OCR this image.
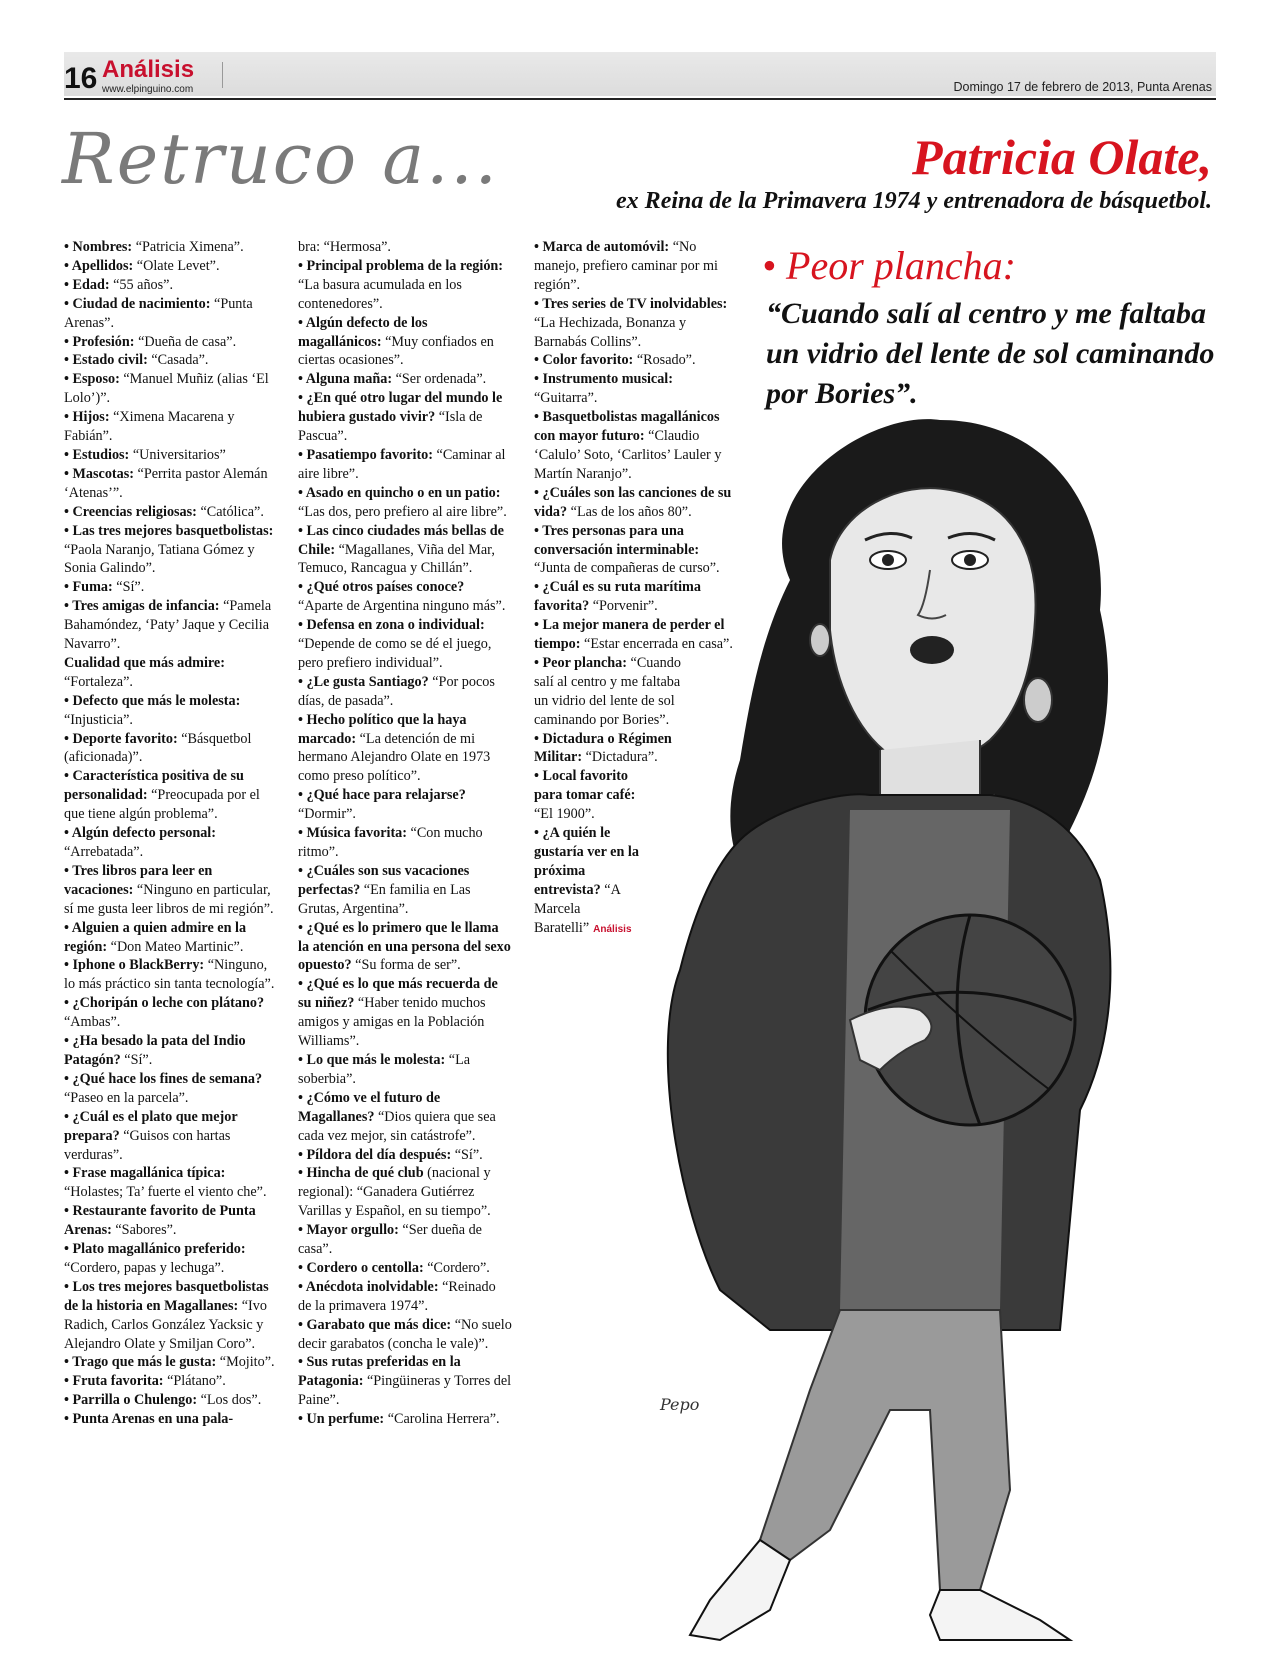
16 Análisis
www.elpinguino.com	Domingo 17 de febrero de 2013, Punta Arenas
Retruco a...	Patricia Olate,
ex Reina de la Primavera 1974 y entrenadora de básquetbol.

• Nombres: “Patricia Ximena”.

• Apellidos: “Olate Levet”.

• Edad: “55 años”.

• Ciudad de nacimiento: “Punta Arenas”.

• Profesión: “Dueña de casa”.

• Estado civil: “Casada”.

• Esposo: “Manuel Muñiz (alias ‘El Lolo’)”.

• Hijos: “Ximena Macarena y Fabián”.

• Estudios: “Universitarios”

• Mascotas: “Perrita pastor Alemán ‘Atenas’”.

• Creencias religiosas: “Católica”.

• Las tres mejores basquetbolistas: “Paola Naranjo, Tatiana Gómez y Sonia Galindo”.

• Fuma: “Sí”.

• Tres amigas de infancia: “Pamela Bahamóndez, ‘Paty’ Jaque y Cecilia Navarro”.

Cualidad que más admire: “Fortaleza”.

• Defecto que más le molesta: “Injusticia”.

• Deporte favorito: “Básquetbol (aficionada)”.

• Característica positiva de su personalidad: “Preocupada por el que tiene algún problema”.

• Algún defecto personal: “Arrebatada”.

• Tres libros para leer en vacaciones: “Ninguno en particular, sí me gusta leer libros de mi región”.

• Alguien a quien admire en la región: “Don Mateo Martinic”.

• Iphone o BlackBerry: “Ninguno, lo más práctico sin tanta tecnología”.

• ¿Choripán o leche con plátano? “Ambas”.

• ¿Ha besado la pata del Indio Patagón? “Sí”.

• ¿Qué hace los fines de semana? “Paseo en la parcela”.

• ¿Cuál es el plato que mejor prepara? “Guisos con hartas verduras”.

• Frase magallánica típica: “Holastes; Ta’ fuerte el viento che”.

• Restaurante favorito de Punta Arenas: “Sabores”.

• Plato magallánico preferido: “Cordero, papas y lechuga”.

• Los tres mejores basquetbolistas de la historia en Magallanes: “Ivo Radich, Carlos González Yacksic y Alejandro Olate y Smiljan Coro”.

• Trago que más le gusta: “Mojito”.

• Fruta favorita: “Plátano”.

• Parrilla o Chulengo: “Los dos”.

• Punta Arenas en una pala-

bra: “Hermosa”.

• Principal problema de la región: “La basura acumulada en los contenedores”.

• Algún defecto de los magallánicos: “Muy confiados en ciertas ocasiones”.

• Alguna maña: “Ser ordenada”.

• ¿En qué otro lugar del mundo le hubiera gustado vivir? “Isla de Pascua”.

• Pasatiempo favorito: “Caminar al aire libre”.

• Asado en quincho o en un patio: “Las dos, pero prefiero al aire libre”.

• Las cinco ciudades más bellas de Chile: “Magallanes, Viña del Mar, Temuco, Rancagua y Chillán”.

• ¿Qué otros países conoce? “Aparte de Argentina ninguno más”.

• Defensa en zona o individual: “Depende de como se dé el juego, pero prefiero individual”.

• ¿Le gusta Santiago? “Por pocos días, de pasada”.

• Hecho político que la haya marcado: “La detención de mi hermano Alejandro Olate en 1973 como preso político”.

• ¿Qué hace para relajarse? “Dormir”.

• Música favorita: “Con mucho ritmo”.

• ¿Cuáles son sus vacaciones perfectas? “En familia en Las Grutas, Argentina”.

• ¿Qué es lo primero que le llama la atención en una persona del sexo opuesto? “Su forma de ser”.

• ¿Qué es lo que más recuerda de su niñez? “Haber tenido muchos amigos y amigas en la Población Williams”.

• Lo que más le molesta: “La soberbia”.

• ¿Cómo ve el futuro de Magallanes? “Dios quiera que sea cada vez mejor, sin catástrofe”.

• Píldora del día después: “Sí”.

• Hincha de qué club (nacional y regional): “Ganadera Gutiérrez Varillas y Español, en su tiempo”.

• Mayor orgullo: “Ser dueña de casa”.

• Cordero o centolla: “Cordero”.

• Anécdota inolvidable: “Reinado de la primavera 1974”.

• Garabato que más dice: “No suelo decir garabatos (concha le vale)”.

• Sus rutas preferidas en la Patagonia: “Pingüineras y Torres del Paine”.

• Un perfume: “Carolina Herrera”.

• Marca de automóvil: “No manejo, prefiero caminar por mi región”.

• Tres series de TV inolvidables: “La Hechizada, Bonanza y Barnabás Collins”.

• Color favorito: “Rosado”.

• Instrumento musical: “Guitarra”.

• Basquetbolistas magallánicos con mayor futuro: “Claudio ‘Calulo’ Soto, ‘Carlitos’ Lauler y Martín Naranjo”.

• ¿Cuáles son las canciones de su vida? “Las de los años 80”.

• Tres personas para una conversación interminable: “Junta de compañeras de curso”.

• ¿Cuál es su ruta marítima favorita? “Porvenir”.

• La mejor manera de perder el tiempo: “Estar encerrada en casa”.

• Peor plancha: “Cuando salí al centro y me faltaba un vidrio del lente de sol caminando por Bories”.

• Dictadura o Régimen Militar: “Dictadura”.

• Local favorito para tomar café: “El 1900”.

• ¿A quién le gustaría ver en la próxima entrevista? “A Marcela Baratelli” Análisis

• Peor plancha:
“Cuando salí al centro y me faltaba un vidrio del lente de sol caminando por Bories”.
Pepo
